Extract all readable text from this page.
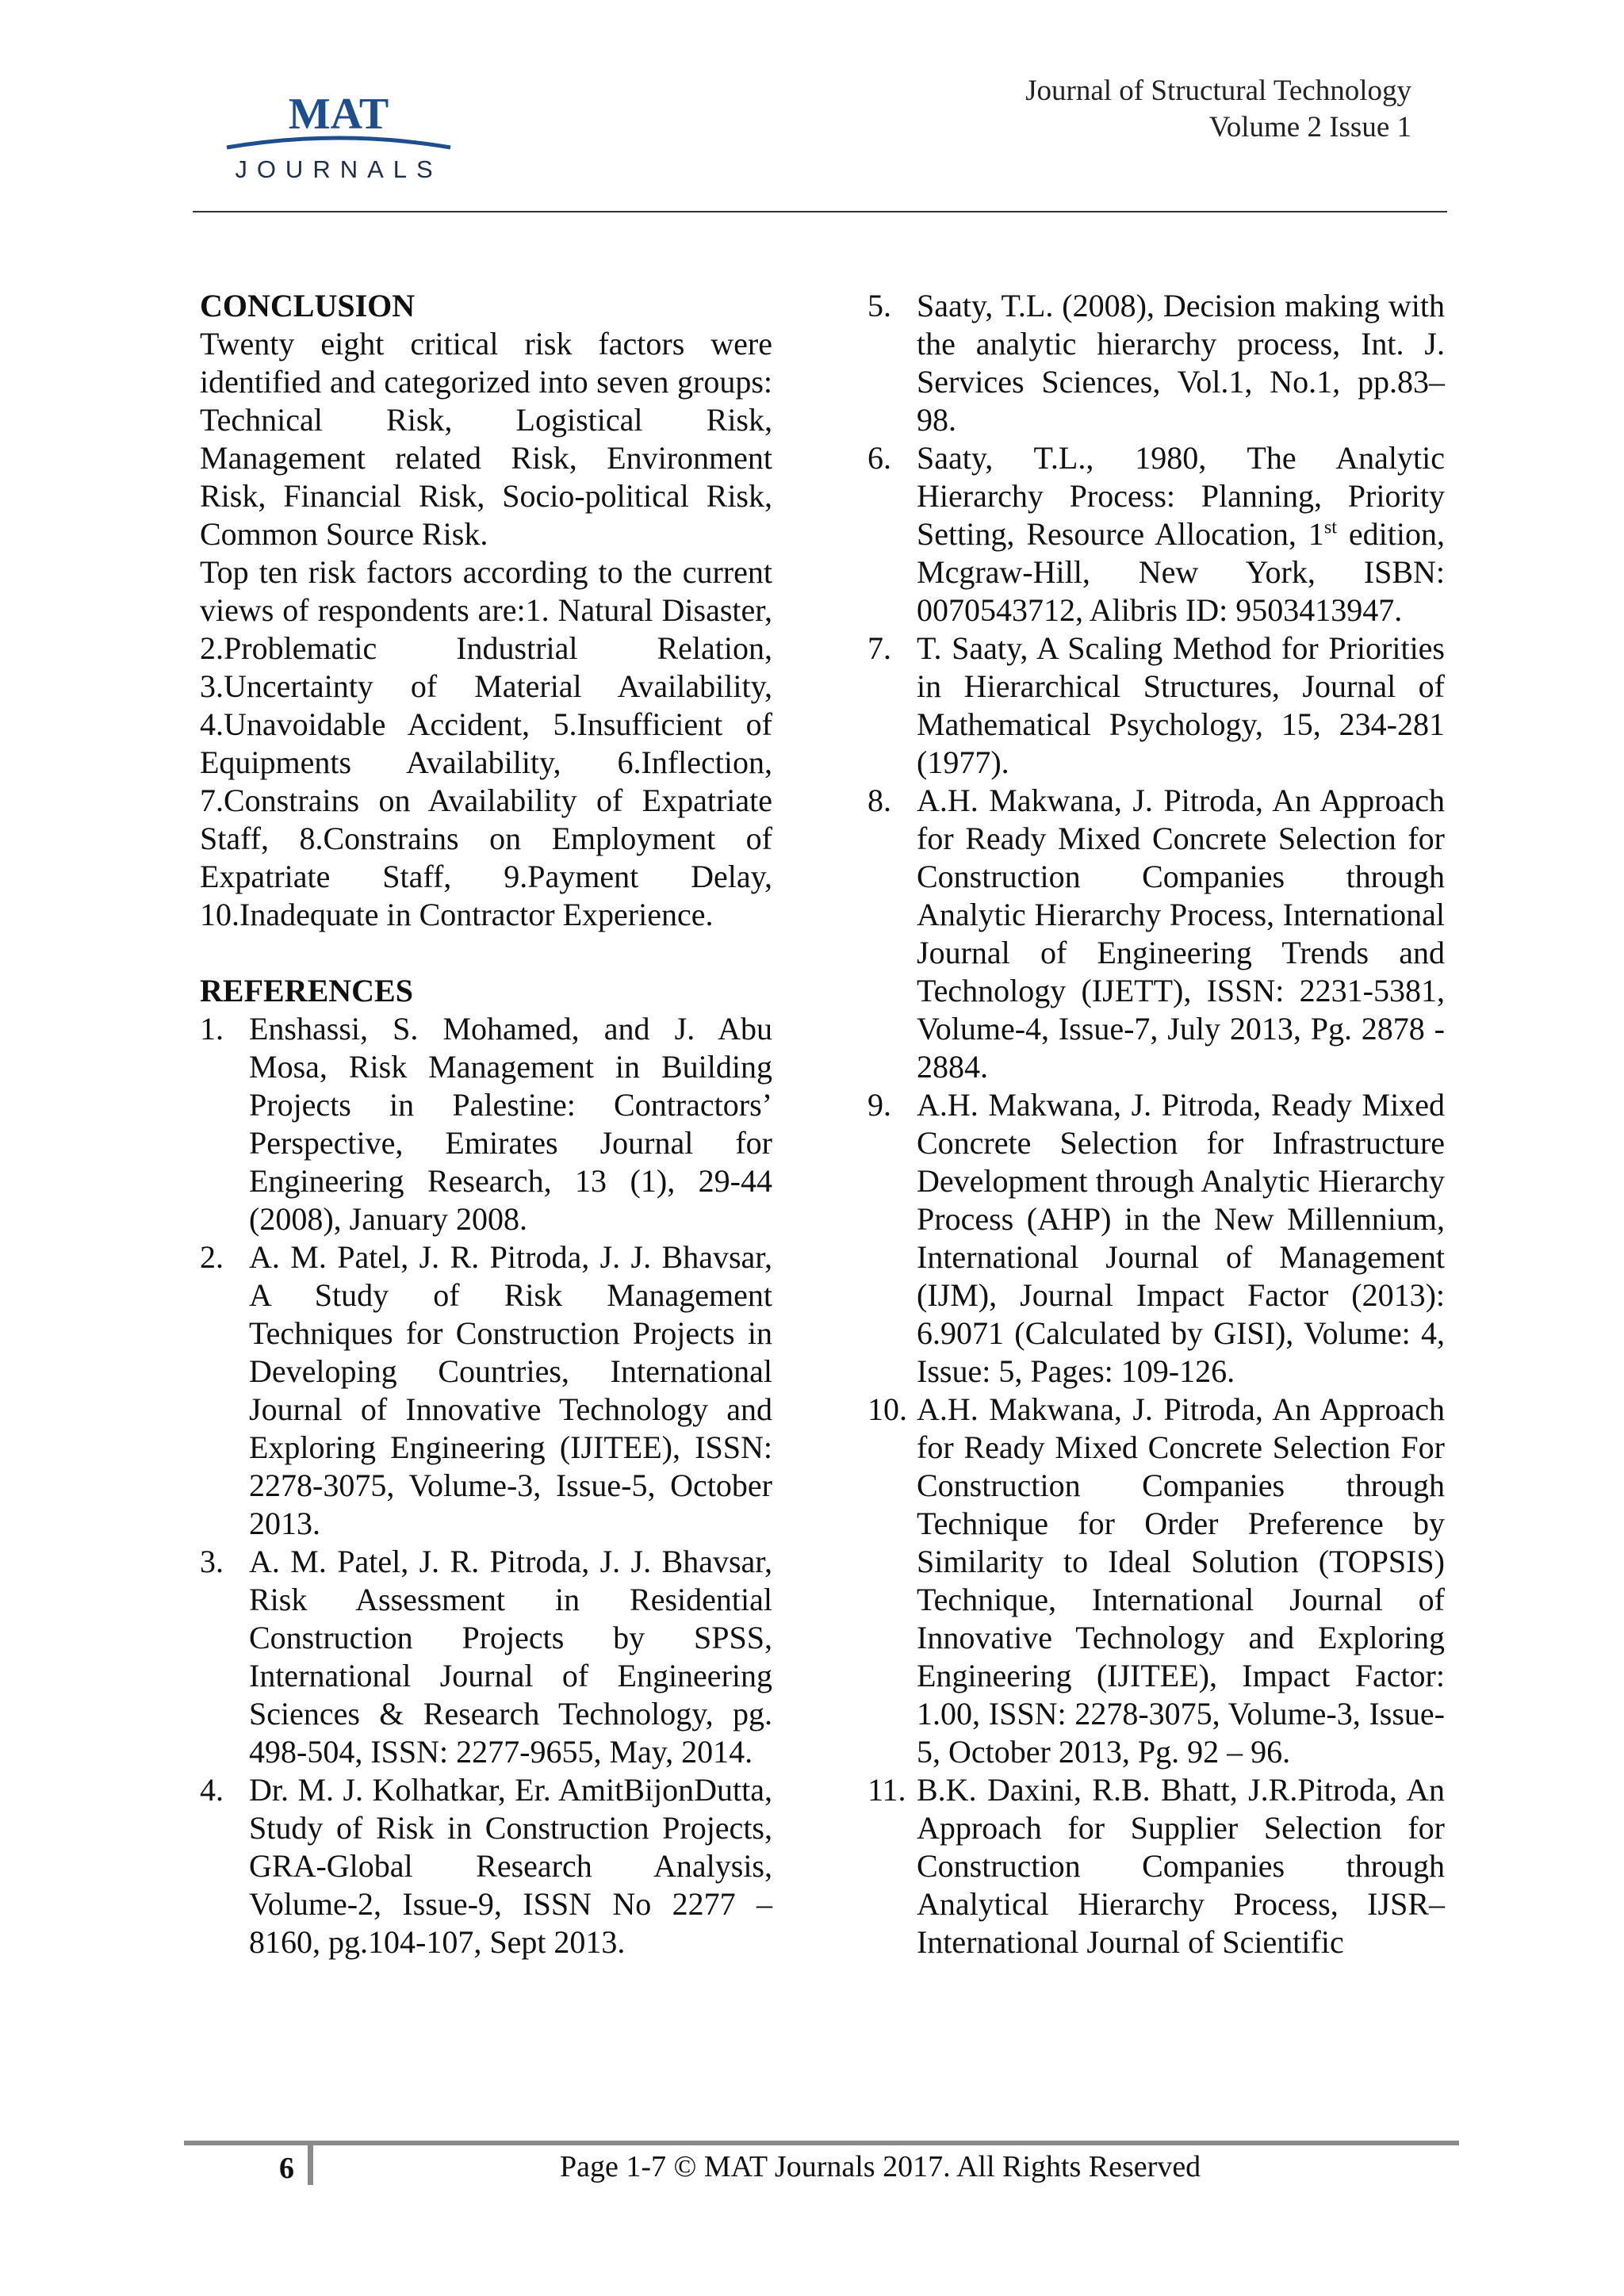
MAT
JOURNALS
Journal of Structural Technology
Volume 2 Issue 1

CONCLUSION

Twenty eight critical risk factors were identified and categorized into seven groups: Technical Risk, Logistical Risk, Management related Risk, Environment Risk, Financial Risk, Socio-political Risk, Common Source Risk.

Top ten risk factors according to the current views of respondents are:1. Natural Disaster, 2.Problematic Industrial Relation, 3.Uncertainty of Material Availability, 4.Unavoidable Accident, 5.Insufficient of Equipments Availability, 6.Inflection, 7.Constrains on Availability of Expatriate Staff, 8.Constrains on Employment of Expatriate Staff, 9.Payment Delay, 10.Inadequate in Contractor Experience.

REFERENCES

1. Enshassi, S. Mohamed, and J. Abu Mosa, Risk Management in Building Projects in Palestine: Contractors’ Perspective, Emirates Journal for Engineering Research, 13 (1), 29-44 (2008), January 2008.
2. A. M. Patel, J. R. Pitroda, J. J. Bhavsar, A Study of Risk Management Techniques for Construction Projects in Developing Countries, International Journal of Innovative Technology and Exploring Engineering (IJITEE), ISSN: 2278-3075, Volume-3, Issue-5, October 2013.
3. A. M. Patel, J. R. Pitroda, J. J. Bhavsar, Risk Assessment in Residential Construction Projects by SPSS, International Journal of Engineering Sciences & Research Technology, pg. 498-504, ISSN: 2277-9655, May, 2014.
4. Dr. M. J. Kolhatkar, Er. AmitBijonDutta, Study of Risk in Construction Projects, GRA-Global Research Analysis, Volume-2, Issue-9, ISSN No 2277 – 8160, pg.104-107, Sept 2013.
5. Saaty, T.L. (2008), Decision making with the analytic hierarchy process, Int. J. Services Sciences, Vol.1, No.1, pp.83–98.
6. Saaty, T.L., 1980, The Analytic Hierarchy Process: Planning, Priority Setting, Resource Allocation, 1st edition, Mcgraw-Hill, New York, ISBN: 0070543712, Alibris ID: 9503413947.
7. T. Saaty, A Scaling Method for Priorities in Hierarchical Structures, Journal of Mathematical Psychology, 15, 234-281 (1977).
8. A.H. Makwana, J. Pitroda, An Approach for Ready Mixed Concrete Selection for Construction Companies through Analytic Hierarchy Process, International Journal of Engineering Trends and Technology (IJETT), ISSN: 2231-5381, Volume-4, Issue-7, July 2013, Pg. 2878 - 2884.
9. A.H. Makwana, J. Pitroda, Ready Mixed Concrete Selection for Infrastructure Development through Analytic Hierarchy Process (AHP) in the New Millennium, International Journal of Management (IJM), Journal Impact Factor (2013): 6.9071 (Calculated by GISI), Volume: 4, Issue: 5, Pages: 109-126.
10. A.H. Makwana, J. Pitroda, An Approach for Ready Mixed Concrete Selection For Construction Companies through Technique for Order Preference by Similarity to Ideal Solution (TOPSIS) Technique, International Journal of Innovative Technology and Exploring Engineering (IJITEE), Impact Factor: 1.00, ISSN: 2278-3075, Volume-3, Issue-5, October 2013, Pg. 92 – 96.
11. B.K. Daxini, R.B. Bhatt, J.R.Pitroda, An Approach for Supplier Selection for Construction Companies through Analytical Hierarchy Process, IJSR– International Journal of Scientific
6	Page 1-7 © MAT Journals 2017. All Rights Reserved
